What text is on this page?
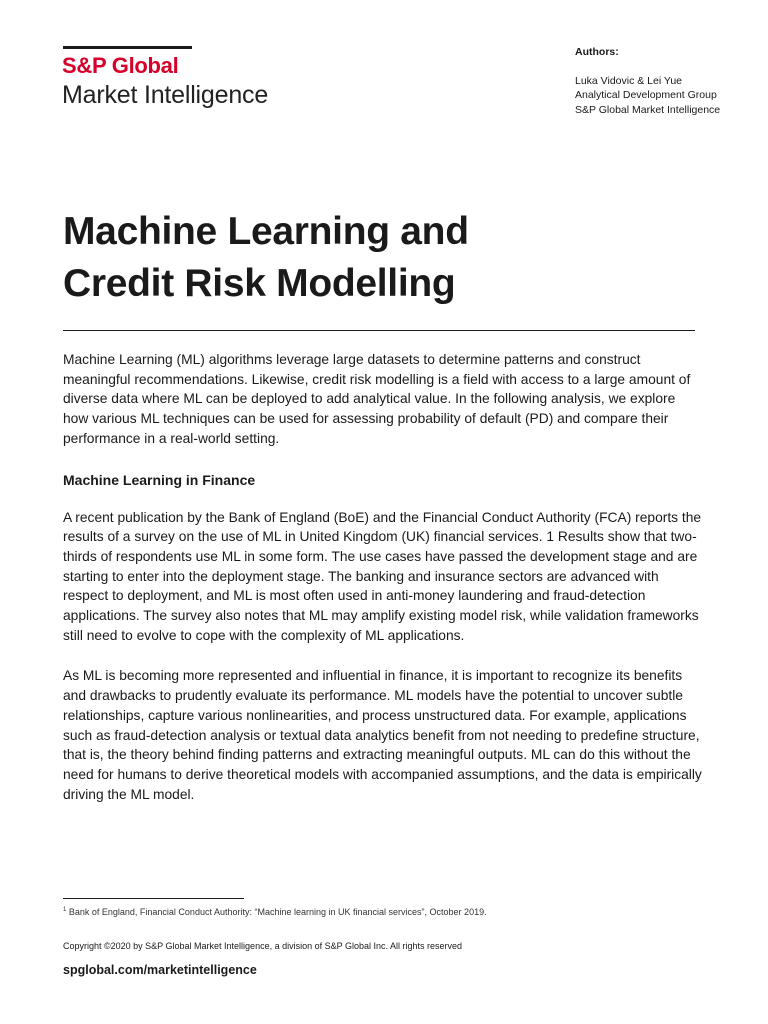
S&P Global
Market Intelligence
Authors:
Luka Vidovic & Lei Yue
Analytical Development Group
S&P Global Market Intelligence
Machine Learning and
Credit Risk Modelling

Machine Learning (ML) algorithms leverage large datasets to determine patterns and construct meaningful recommendations. Likewise, credit risk modelling is a field with access to a large amount of diverse data where ML can be deployed to add analytical value. In the following analysis, we explore how various ML techniques can be used for assessing probability of default (PD) and compare their performance in a real-world setting.

Machine Learning in Finance

A recent publication by the Bank of England (BoE) and the Financial Conduct Authority (FCA) reports the results of a survey on the use of ML in United Kingdom (UK) financial services. 1 Results show that two-thirds of respondents use ML in some form. The use cases have passed the development stage and are starting to enter into the deployment stage. The banking and insurance sectors are advanced with respect to deployment, and ML is most often used in anti-money laundering and fraud-detection applications. The survey also notes that ML may amplify existing model risk, while validation frameworks still need to evolve to cope with the complexity of ML applications.

As ML is becoming more represented and influential in finance, it is important to recognize its benefits and drawbacks to prudently evaluate its performance. ML models have the potential to uncover subtle relationships, capture various nonlinearities, and process unstructured data. For example, applications such as fraud-detection analysis or textual data analytics benefit from not needing to predefine structure, that is, the theory behind finding patterns and extracting meaningful outputs. ML can do this without the need for humans to derive theoretical models with accompanied assumptions, and the data is empirically driving the ML model.

$^1$ Bank of England, Financial Conduct Authority: “Machine learning in UK financial services”, October 2019.
Copyright ©2020 by S&P Global Market Intelligence, a division of S&P Global Inc. All rights reserved
spglobal.com/marketintelligence
